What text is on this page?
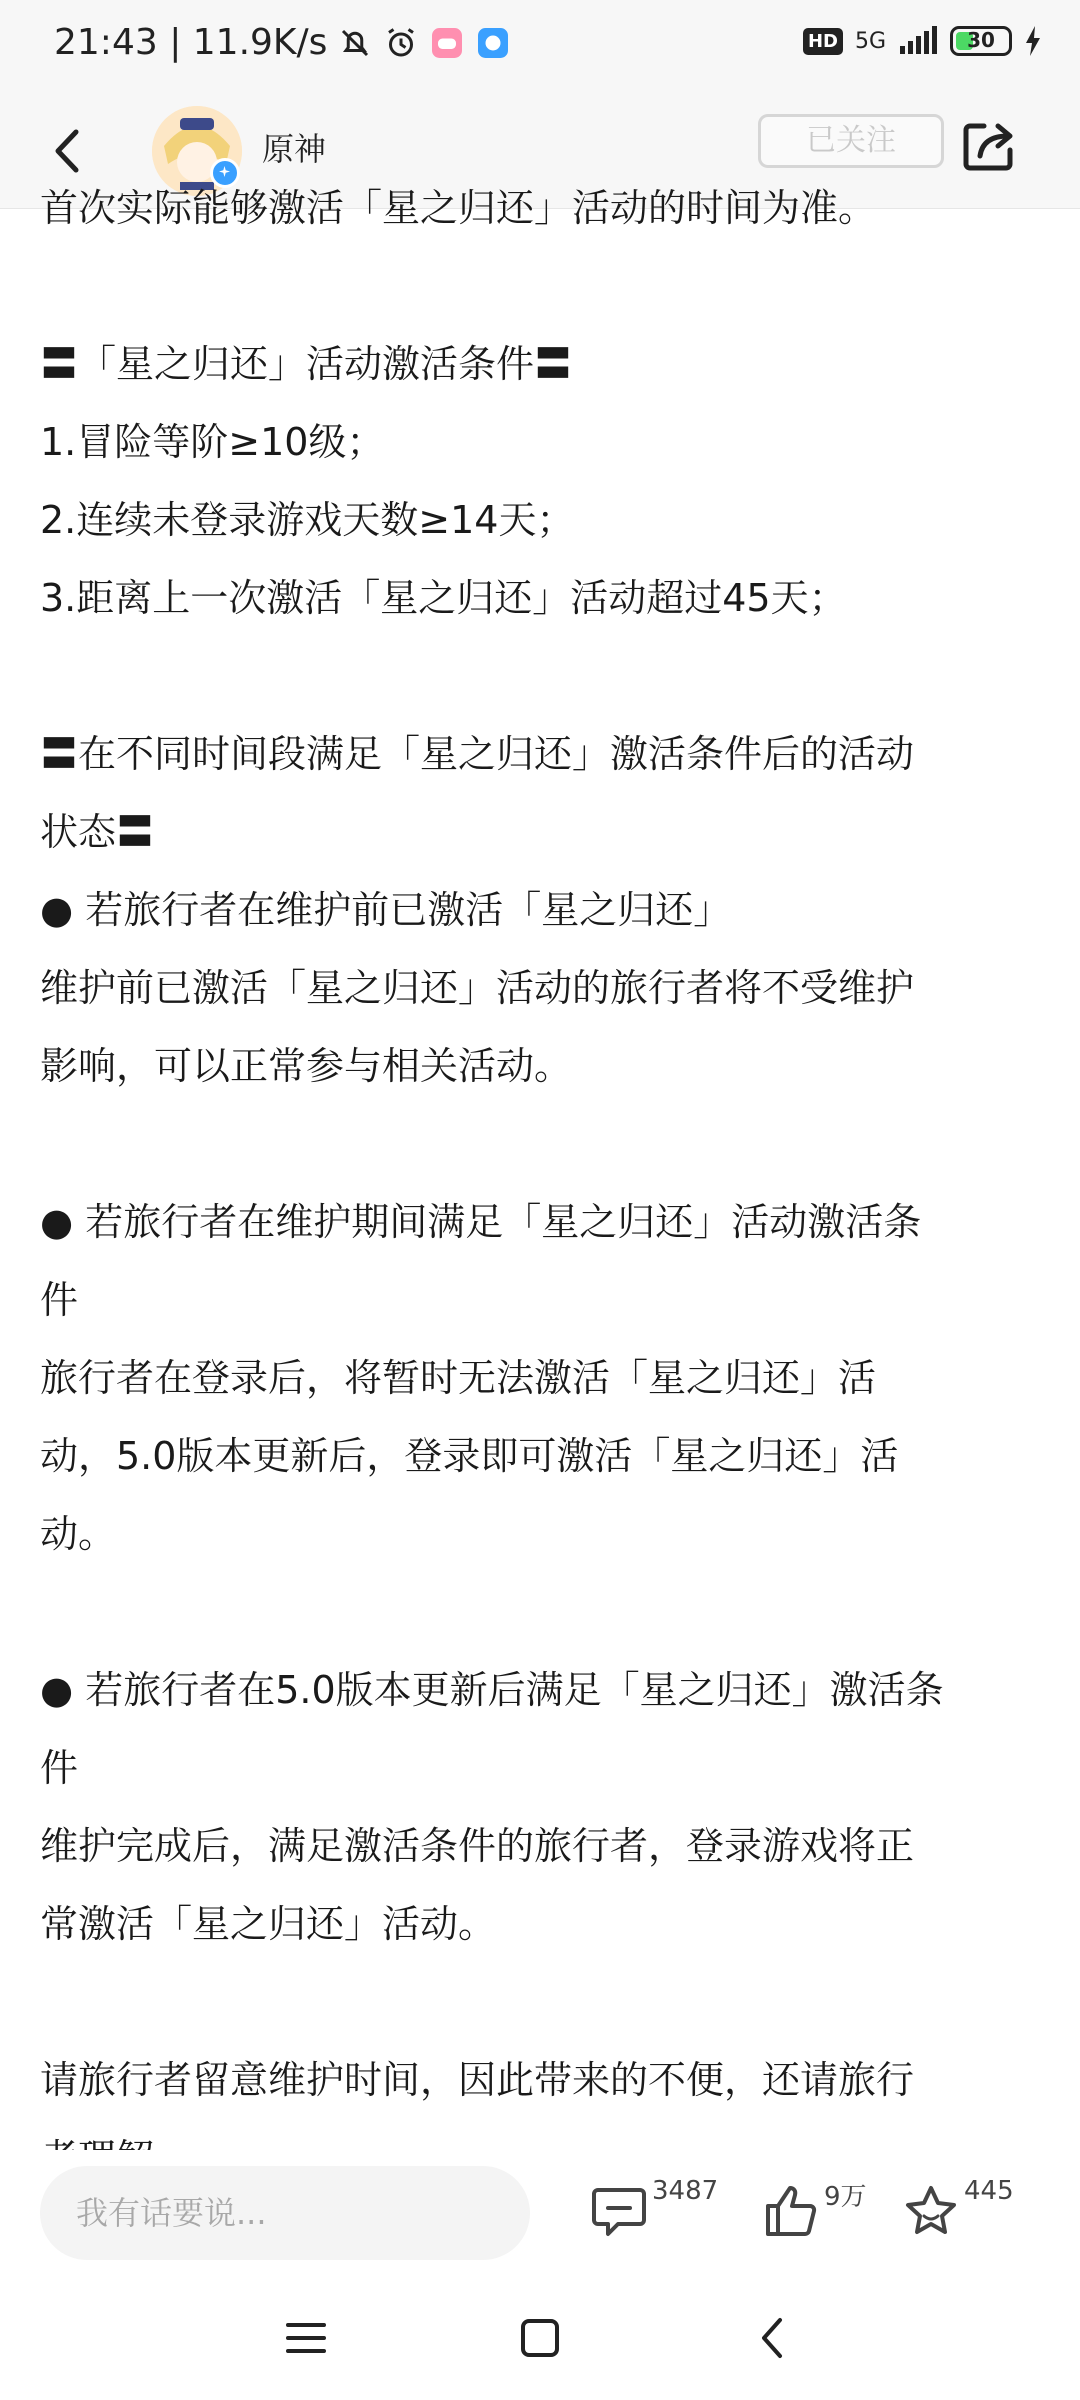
21:43 | 11.9K/s	HD 5G	30
原神	已关注
首次实际能够激活「星之归还」活动的时间为准。
〓「星之归还」活动激活条件〓
1.冒险等阶≥10级；
2.连续未登录游戏天数≥14天；
3.距离上一次激活「星之归还」活动超过45天；
〓在不同时间段满足「星之归还」激活条件后的活动
状态〓
● 若旅行者在维护前已激活「星之归还」
维护前已激活「星之归还」活动的旅行者将不受维护
影响，可以正常参与相关活动。
● 若旅行者在维护期间满足「星之归还」活动激活条
件
旅行者在登录后，将暂时无法激活「星之归还」活
动，5.0版本更新后，登录即可激活「星之归还」活
动。
● 若旅行者在5.0版本更新后满足「星之归还」激活条
件
维护完成后，满足激活条件的旅行者，登录游戏将正
常激活「星之归还」活动。
请旅行者留意维护时间，因此带来的不便，还请旅行
我有话要说...
3487	9万	445
